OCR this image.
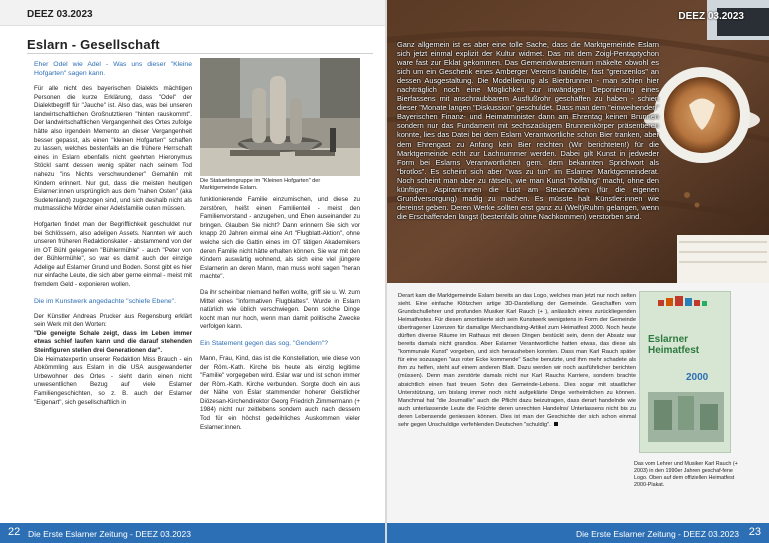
DEEZ 03.2023
Eslarn - Gesellschaft

Eher Odel wie Adel - Was uns dieser "Kleine Hofgarten" sagen kann.

Für alle nicht des bayerischen Dialekts mächtigen Personen die kurze Erklärung, dass "Odel" der Dialektbegriff für "Jauche" ist. Also das, was bei unseren landwirtschaftlichen Großnutztieren "hinten rauskommt". Der landwirtschaftlichen Vergangenheit des Ortes zufolge hätte also irgendein Memento an dieser Vergangenheit besser gepasst, als einen "kleinen Hofgarten" schaffen zu lassen, welches bestenfalls an die frühere Herrschaft eines in Eslarn ebenfalls nicht geehrten Hieronymus Stöckl samt dessen wenig später nach seinem Tod nahezu "ins Nichts verschwundener" Gemahlin mit Kindern erinnert. Nur gut, dass die meisten heutigen Eslarner:innen ursprünglich aus dem "nahen Osten" (aka Sudetenland) zugezogen sind, und sich deshalb nicht als mutmassliche Mörder einer Adelsfamilie outen müssen.

Hofgarten findet man der Begrifflichkeit geschuldet nur bei Schlössern, also adeligen Assets. Nannten wir auch unseren früheren Redaktionskater - abstammend von der im OT Bühl gelegenen "Bühlermühle" - auch "Peter von der Bühlermühle", so war es damit auch der einzige Adelige auf Eslarner Grund und Boden. Sonst gibt es hier nur einfache Leute, die sich aber gerne einmal - meist mit fremdem Geld - exponieren wollen.

Die im Kunstwerk angedachte "schiefe Ebene".

Der Künstler Andreas Prucker aus Regensburg erklärt sein Werk mit den Worten:

"Die geneigte Schale zeigt, dass im Leben immer etwas schief laufen kann und die darauf stehenden Steinfiguren stellen drei Generationen dar".

Die Heimatexpertin unserer Redaktion Miss Brauch - ein Abkömmling aus Eslarn in die USA ausgewanderter Urbewohner des Ortes - sieht darin einen nicht unwesentlichen Bezug auf viele Eslarner Familiengeschichten, so z. B. auch der Eslarner "Eigenart", sich gesellschaftlich in

Die Statuettengruppe im "Kleinen Hofgarten" der Marktgemeinde Eslarn.

funktionierende Familie einzumischen, und diese zu zerstören, heißt einen Familienteil - meist den Familienvorstand - anzugehen, und Ehen auseinander zu bringen. Glauben Sie nicht? Dann erinnern Sie sich vor knapp 20 Jahren einmal eine Art "Flugblatt-Aktion", ohne welche sich die Gattin eines im OT tätigen Akademikers deren Familie nicht hätte erhalten können. Sie war mit den Kindern auswärtig wohnend, als sich eine viel jüngere Eslarnerin an deren Mann, man muss wohl sagen "heran machte".

Da ihr scheinbar niemand helfen wollte, griff sie u. W. zum Mittel eines "informativen Flugblattes". Wurde in Eslarn natürlich wie üblich verschwiegen. Denn solche Dinge kocht man nur hoch, wenn man damit politische Zwecke verfolgen kann.

Ein Statement gegen das sog. "Gendern"?

Mann, Frau, Kind, das ist die Konstellation, wie diese von der Röm.-Kath. Kirche bis heute als einzig legitime "Familie" vorgegeben wird. Eslar war und ist schon immer der Röm.-Kath. Kirche verbunden. Sorgte doch ein aus der Nähe von Eslar stammender hoherer Geistlicher Diözesan-Kirchendirektor Georg Friedrich Zimmermann (+ 1984) nicht nur zeitlebens sondern auch nach dessem Tod für ein höchst gedeihliches Auskommen vieler Eslarner:innen.

22 Die Erste Eslarner Zeitung - DEEZ 03.2023
DEEZ 03.2023
Ganz allgemein ist es aber eine tolle Sache, dass die Marktgemeinde Eslarn sich jetzt einmal explizit der Kultur widmet. Das mit dem Zoigl-Pentaptychon ware fast zur Eklat gekommen. Das Gemeindwratsremium mäkelte obwohl es sich um ein Geschenk eines Amberger Vereins handelte, fast "grenzenlos" an dessen Ausgestaltung. Die Modellierung als Bierbrunnen - man schien hier nachträglich noch eine Möglichkeit zur inwändigen Deponierung eines Bierfassens mit anschraubbarem Ausflußrohr geschaffen zu haben - schien dieser "Monate langen "Diskussion" geschuldet. Dass man dem "einweihenden" Bayerischen Finanz- und Heimatminister dann am Ehrentag keinen Brunnen sondern nur das Fundament mit sechszackigem Brunnenkörper präsentieren konnte, lies das Datei bei dem Eslarn Verantwortliche schon Bier tranken, aber dem Ehrengast zu Anfang kein Bier reichten (Wir berichteten!) für die Marktgemeinde echt zur Lachnummer werden. Dabei gilt Kunst in jedweder Form bei Eslarns Verantwortlichen gem. dem bekannten Sprichwort als "brotlos". Es scheint sich aber "was zu tun" im Eslarner Marktgemeinderat. Noch scheint man aber zu rätseln, wie man Kunst "hoffähig" macht, ohne den künftigen Aspirant:innen die Lust am Steuerzahlen (für die eigenen Grundversorgung) madig zu machen. Es müsste halt Künstler:innen wie dereinst geben. Deren Werke sollten erst ganz zu (Welt)Ruhm gelangen, wenn die Erschaffenden längst (bestenfalls ohne Nachkommen) verstorben sind.
Derart kam die Marktgemeinde Eslarn bereits an das Logo, welches man jetzt nur noch selten sieht. Eine einfache Klötzchen artige 3D-Darstellung der Gemeinde. Geschaffen vom Grundschullehrer und profunden Musiker Karl Rauch (+ ), anlässlich eines zurückliegenden Heimatfestes. Für diesen amortisierte sich sein Kunstwerk wenigstens in Form der Gemeinde übertragener Lizenzen für damalige Merchandising-Artikel zum Heimatfest 2000. Noch heute dürften diverse Räume im Rathaus mit diesen Dingen bestückt sein, denn der Absatz war bereits damals nicht grandios. Aber Eslarner Verantwortliche hatten etwas, das diese als "kommunale Kunst" vorgeben, und sich herausheben konnten. Dass man Karl Rauch später für eine sozusagen "aus roter Ecke kommende" Sache benutzte, und ihm mehr schadete als ihm zu helfen, steht auf einem anderen Blatt. Dazu werden wir noch ausführlicher berichten (müssen). Denn man zerstörte damals nicht nur Karl Rauchs Karriere, sondern brachte absichtlich einen fast treuen Sohn des Gemeinde-Lebens. Dies sogar mit staatlicher Unterstützung, um bislang immer noch nicht aufgeklärte Dinge verheimlichen zu können. Manchmal hat "die Journaille" auch die Pflicht dazu beizutragen, dass derart handelnde wie auch unterlassende Leute die Früchte deren unrechten Handelns/ Unterlassens nicht bis zu deren Lebensende geniessen können. Dies ist man der Geschichte der sich schon einmal sehr gegen Unschuldige verfehlenden Deutschen "schuldig".
Eslarner
Heimatfest
2000
Das vom Lehrer und Musiker Karl Rauch (+ 2003) in den 1990er Jahren geschaf-fene Logo. Oben auf dem offiziellen Heimatfest 2000-Plakat.
Die Erste Eslarner Zeitung - DEEZ 03.2023 23
